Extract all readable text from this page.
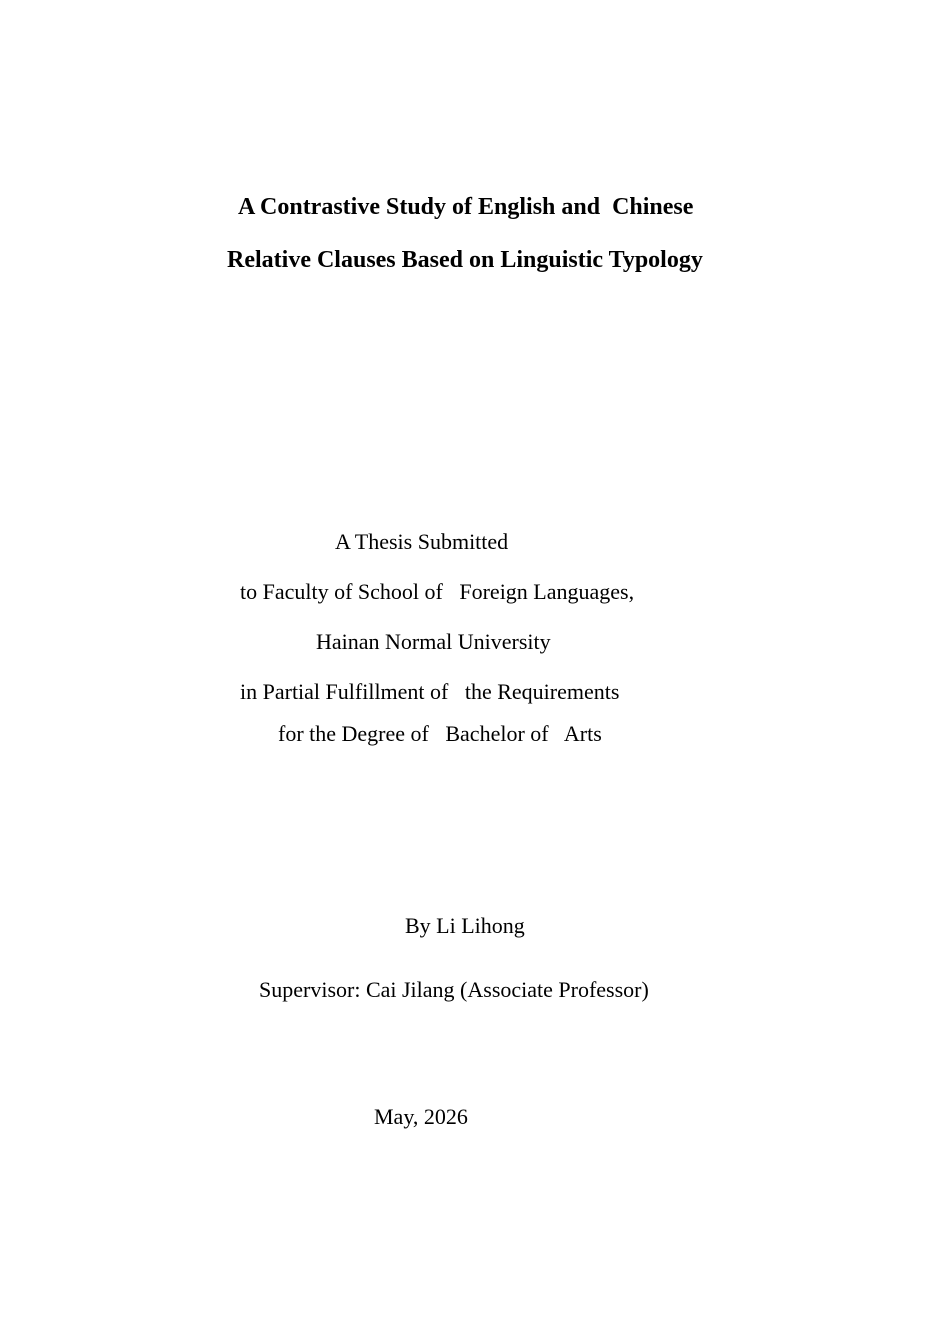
A Contrastive Study of English and  Chinese
Relative Clauses Based on Linguistic Typology
A Thesis Submitted
to Faculty of School of   Foreign Languages,
Hainan Normal University
in Partial Fulfillment of   the Requirements
for the Degree of   Bachelor of   Arts
By Li Lihong
Supervisor: Cai Jilang (Associate Professor)
May, 2026
